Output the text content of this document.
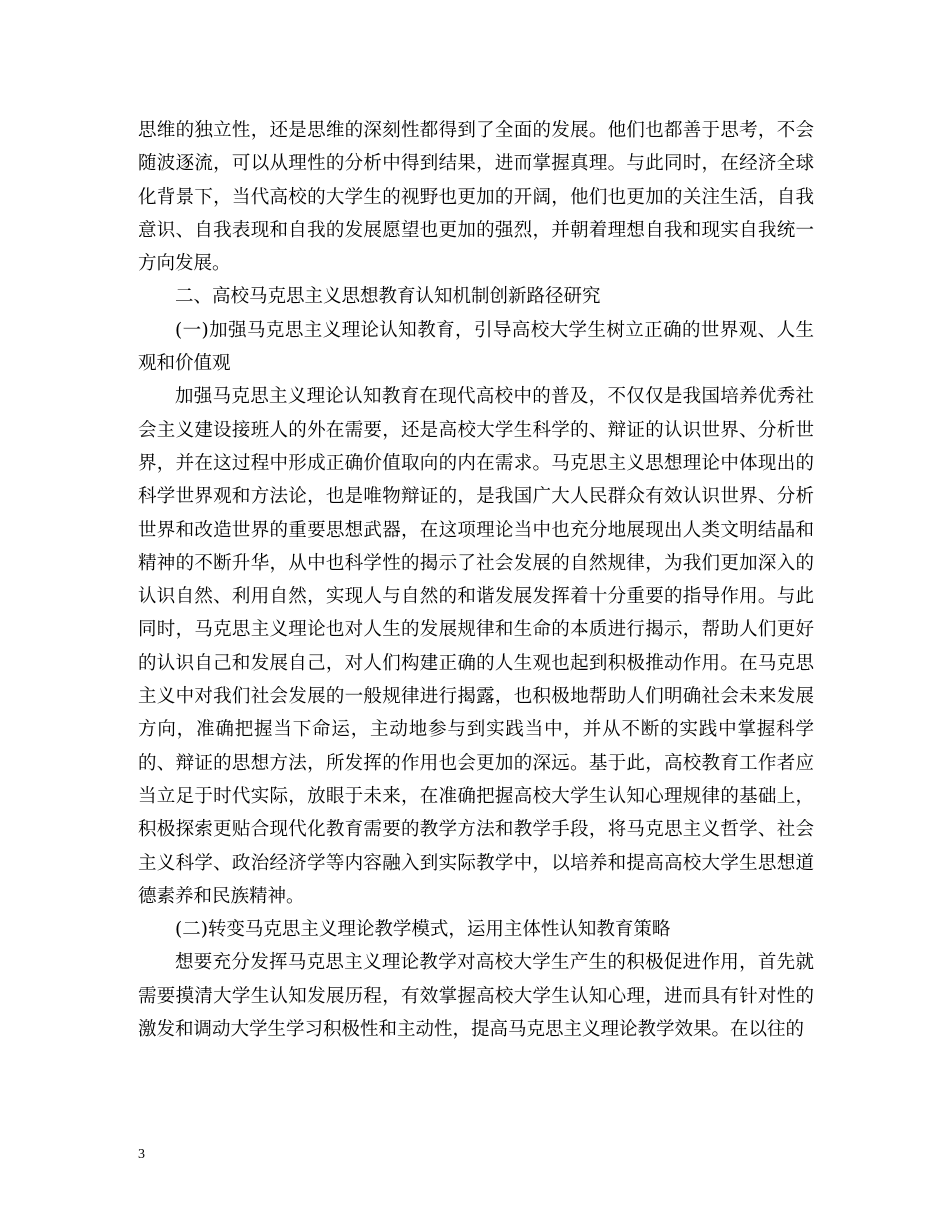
思维的独立性，还是思维的深刻性都得到了全面的发展。他们也都善于思考，不会随波逐流，可以从理性的分析中得到结果，进而掌握真理。与此同时，在经济全球化背景下，当代高校的大学生的视野也更加的开阔，他们也更加的关注生活，自我意识、自我表现和自我的发展愿望也更加的强烈，并朝着理想自我和现实自我统一方向发展。

二、高校马克思主义思想教育认知机制创新路径研究

(一)加强马克思主义理论认知教育，引导高校大学生树立正确的世界观、人生观和价值观

加强马克思主义理论认知教育在现代高校中的普及，不仅仅是我国培养优秀社会主义建设接班人的外在需要，还是高校大学生科学的、辩证的认识世界、分析世界，并在这过程中形成正确价值取向的内在需求。马克思主义思想理论中体现出的科学世界观和方法论，也是唯物辩证的，是我国广大人民群众有效认识世界、分析世界和改造世界的重要思想武器，在这项理论当中也充分地展现出人类文明结晶和精神的不断升华，从中也科学性的揭示了社会发展的自然规律，为我们更加深入的认识自然、利用自然，实现人与自然的和谐发展发挥着十分重要的指导作用。与此同时，马克思主义理论也对人生的发展规律和生命的本质进行揭示，帮助人们更好的认识自己和发展自己，对人们构建正确的人生观也起到积极推动作用。在马克思主义中对我们社会发展的一般规律进行揭露，也积极地帮助人们明确社会未来发展方向，准确把握当下命运，主动地参与到实践当中，并从不断的实践中掌握科学的、辩证的思想方法，所发挥的作用也会更加的深远。基于此，高校教育工作者应当立足于时代实际，放眼于未来，在准确把握高校大学生认知心理规律的基础上，积极探索更贴合现代化教育需要的教学方法和教学手段，将马克思主义哲学、社会主义科学、政治经济学等内容融入到实际教学中，以培养和提高高校大学生思想道德素养和民族精神。

(二)转变马克思主义理论教学模式，运用主体性认知教育策略

想要充分发挥马克思主义理论教学对高校大学生产生的积极促进作用，首先就需要摸清大学生认知发展历程，有效掌握高校大学生认知心理，进而具有针对性的激发和调动大学生学习积极性和主动性，提高马克思主义理论教学效果。在以往的

3
